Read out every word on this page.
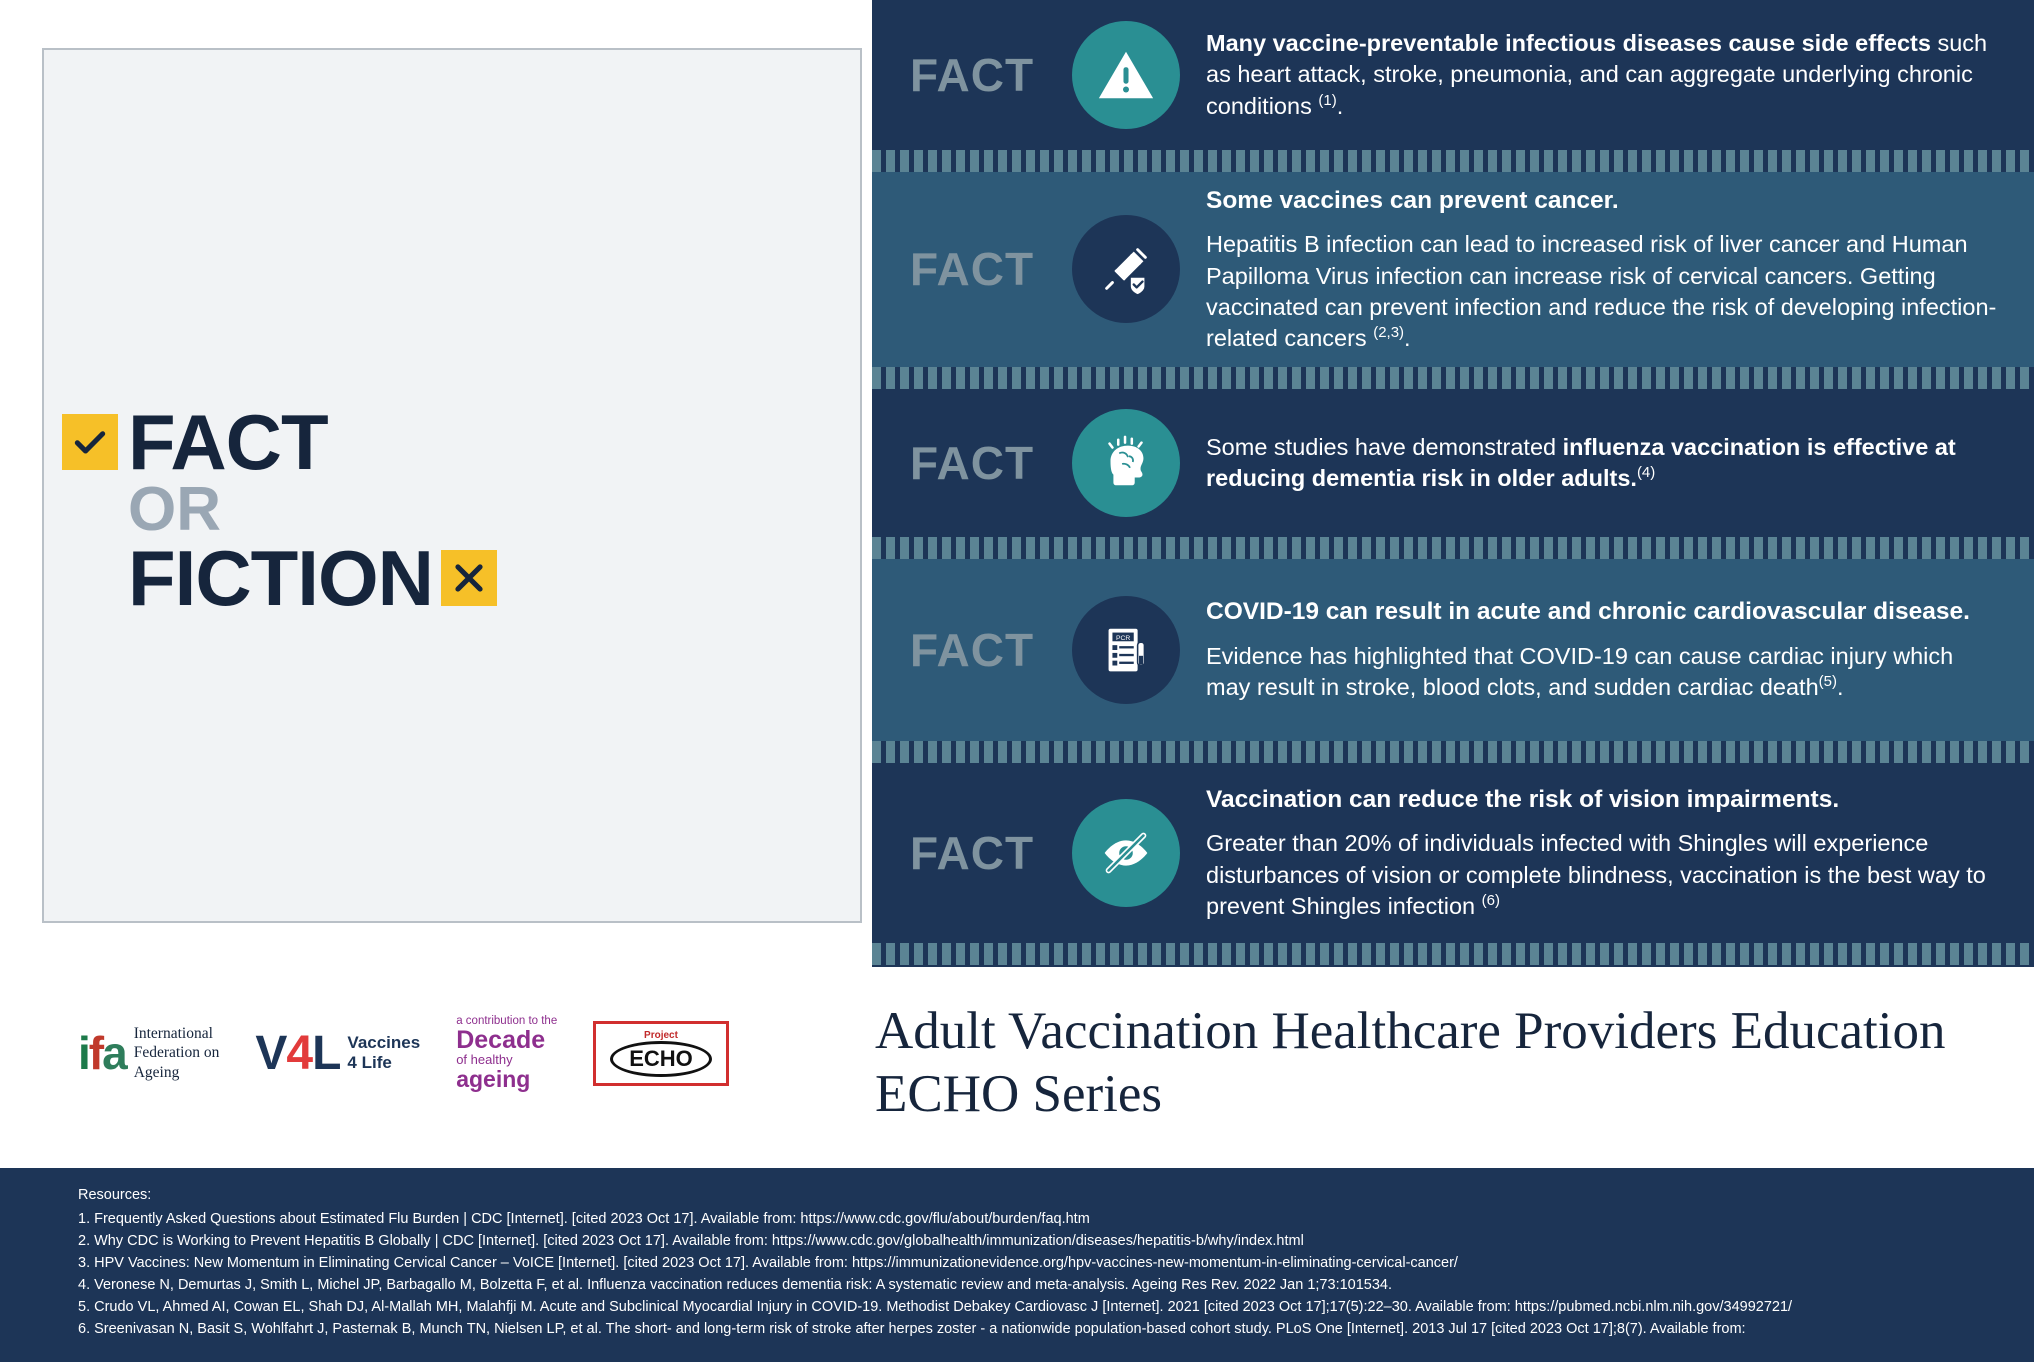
FACT
OR
FICTION
FACT
Many vaccine-preventable infectious diseases cause side effects such as heart attack, stroke, pneumonia, and can aggregate underlying chronic conditions $^{(1)}$.
FACT
Some vaccines can prevent cancer.
Hepatitis B infection can lead to increased risk of liver cancer and Human Papilloma Virus infection can increase risk of cervical cancers. Getting vaccinated can prevent infection and reduce the risk of developing infection-related cancers $^{(2,3)}$.
FACT	Some studies have demonstrated influenza vaccination is effective at reducing dementia risk in older adults.$^{(4)}$
FACT	PCR
COVID-19 can result in acute and chronic cardiovascular disease.
Evidence has highlighted that COVID-19 can cause cardiac injury which may result in stroke, blood clots, and sudden cardiac death$^{(5)}$.
FACT
Vaccination can reduce the risk of vision impairments.
Greater than 20% of individuals infected with Shingles will experience disturbances of vision or complete blindness, vaccination is the best way to prevent Shingles infection $^{(6)}$
ifa International
Federation on
Ageing	V4L Vaccines
4 Life
a contribution to the
Decade
of healthy
ageing
Project
ECHO	Adult Vaccination Healthcare Providers Education ECHO Series
Resources:
1. Frequently Asked Questions about Estimated Flu Burden | CDC [Internet]. [cited 2023 Oct 17]. Available from: https://www.cdc.gov/flu/about/burden/faq.htm
2. Why CDC is Working to Prevent Hepatitis B Globally | CDC [Internet]. [cited 2023 Oct 17]. Available from: https://www.cdc.gov/globalhealth/immunization/diseases/hepatitis-b/why/index.html
3. HPV Vaccines: New Momentum in Eliminating Cervical Cancer – VoICE [Internet]. [cited 2023 Oct 17]. Available from: https://immunizationevidence.org/hpv-vaccines-new-momentum-in-eliminating-cervical-cancer/
4. Veronese N, Demurtas J, Smith L, Michel JP, Barbagallo M, Bolzetta F, et al. Influenza vaccination reduces dementia risk: A systematic review and meta-analysis. Ageing Res Rev. 2022 Jan 1;73:101534.
5. Crudo VL, Ahmed AI, Cowan EL, Shah DJ, Al-Mallah MH, Malahfji M. Acute and Subclinical Myocardial Injury in COVID-19. Methodist Debakey Cardiovasc J [Internet]. 2021 [cited 2023 Oct 17];17(5):22–30. Available from: https://pubmed.ncbi.nlm.nih.gov/34992721/
6. Sreenivasan N, Basit S, Wohlfahrt J, Pasternak B, Munch TN, Nielsen LP, et al. The short- and long-term risk of stroke after herpes zoster - a nationwide population-based cohort study. PLoS One [Internet]. 2013 Jul 17 [cited 2023 Oct 17];8(7). Available from:
